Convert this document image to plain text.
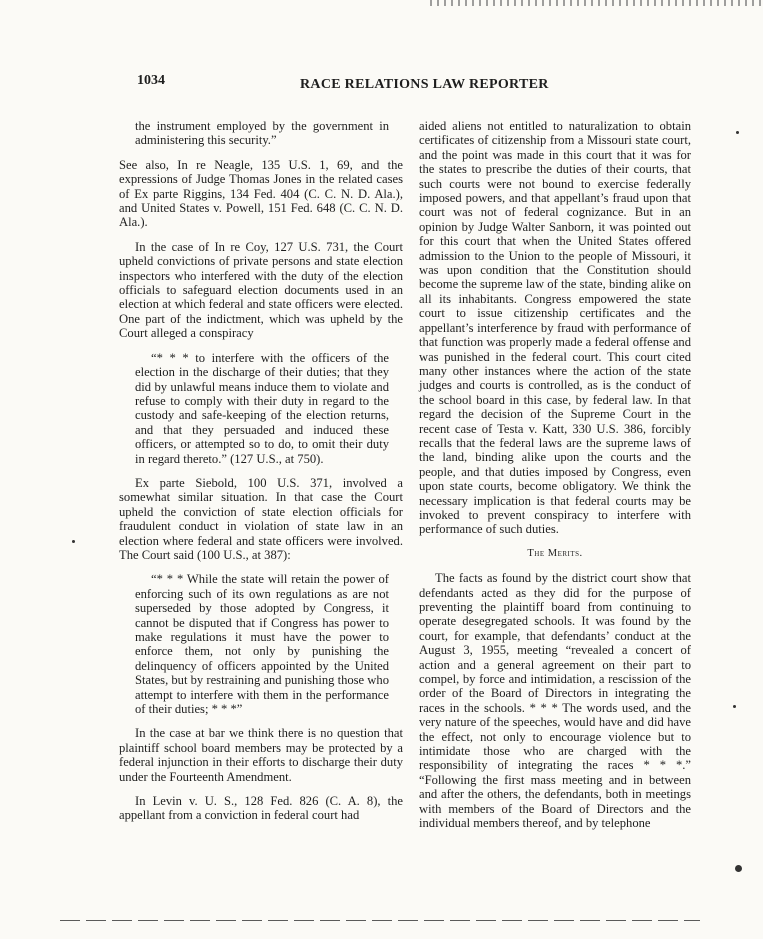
1034	RACE RELATIONS LAW REPORTER

the instrument employed by the government in administering this security.”

See also, In re Neagle, 135 U.S. 1, 69, and the expressions of Judge Thomas Jones in the related cases of Ex parte Riggins, 134 Fed. 404 (C. C. N. D. Ala.), and United States v. Powell, 151 Fed. 648 (C. C. N. D. Ala.).

In the case of In re Coy, 127 U.S. 731, the Court upheld convictions of private persons and state election inspectors who interfered with the duty of the election officials to safeguard election documents used in an election at which federal and state officers were elected. One part of the indictment, which was upheld by the Court alleged a conspiracy

“* * * to interfere with the officers of the election in the discharge of their duties; that they did by unlawful means induce them to violate and refuse to comply with their duty in regard to the custody and safe-keeping of the election returns, and that they persuaded and induced these officers, or attempted so to do, to omit their duty in regard thereto.” (127 U.S., at 750).

Ex parte Siebold, 100 U.S. 371, involved a somewhat similar situation. In that case the Court upheld the conviction of state election officials for fraudulent conduct in violation of state law in an election where federal and state officers were involved. The Court said (100 U.S., at 387):

“* * * While the state will retain the power of enforcing such of its own regulations as are not superseded by those adopted by Congress, it cannot be disputed that if Congress has power to make regulations it must have the power to enforce them, not only by punishing the delinquency of officers appointed by the United States, but by restraining and punishing those who attempt to interfere with them in the performance of their duties; * * *”

In the case at bar we think there is no question that plaintiff school board members may be protected by a federal injunction in their efforts to discharge their duty under the Fourteenth Amendment.

In Levin v. U. S., 128 Fed. 826 (C. A. 8), the appellant from a conviction in federal court had

aided aliens not entitled to naturalization to obtain certificates of citizenship from a Missouri state court, and the point was made in this court that it was for the states to prescribe the duties of their courts, that such courts were not bound to exercise federally imposed powers, and that appellant’s fraud upon that court was not of federal cognizance. But in an opinion by Judge Walter Sanborn, it was pointed out for this court that when the United States offered admission to the Union to the people of Missouri, it was upon condition that the Constitution should become the supreme law of the state, binding alike on all its inhabitants. Congress empowered the state court to issue citizenship certificates and the appellant’s interference by fraud with performance of that function was properly made a federal offense and was punished in the federal court. This court cited many other instances where the action of the state judges and courts is controlled, as is the conduct of the school board in this case, by federal law. In that regard the decision of the Supreme Court in the recent case of Testa v. Katt, 330 U.S. 386, forcibly recalls that the federal laws are the supreme laws of the land, binding alike upon the courts and the people, and that duties imposed by Congress, even upon state courts, become obligatory. We think the necessary implication is that federal courts may be invoked to prevent conspiracy to interfere with performance of such duties.

The Merits.

The facts as found by the district court show that defendants acted as they did for the purpose of preventing the plaintiff board from continuing to operate desegregated schools. It was found by the court, for example, that defendants’ conduct at the August 3, 1955, meeting “revealed a concert of action and a general agreement on their part to compel, by force and intimidation, a rescission of the order of the Board of Directors in integrating the races in the schools. * * * The words used, and the very nature of the speeches, would have and did have the effect, not only to encourage violence but to intimidate those who are charged with the responsibility of integrating the races * * *.” “Following the first mass meeting and in between and after the others, the defendants, both in meetings with members of the Board of Directors and the individual members thereof, and by telephone
